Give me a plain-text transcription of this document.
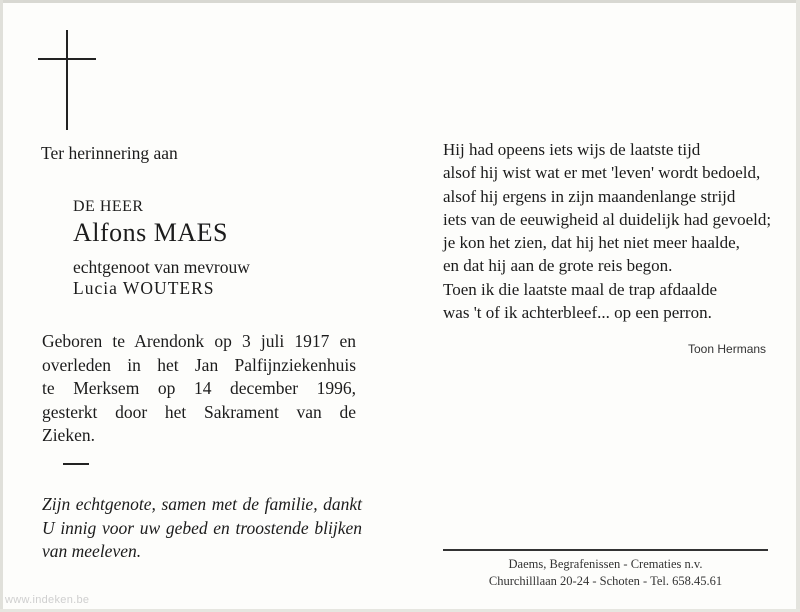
Ter herinnering aan
DE HEER
Alfons MAES
echtgenoot van mevrouw
Lucia WOUTERS
Geboren te Arendonk op 3 juli 1917 en
overleden in het Jan Palfijnziekenhuis
te Merksem op 14 december 1996,
gesterkt door het Sakrament van de
Zieken.
Zijn echtgenote, samen met de familie, dankt
U innig voor uw gebed en troostende blijken
van meeleven.
Hij had opeens iets wijs de laatste tijd
alsof hij wist wat er met 'leven' wordt bedoeld,
alsof hij ergens in zijn maandenlange strijd
iets van de eeuwigheid al duidelijk had gevoeld;
je kon het zien, dat hij het niet meer haalde,
en dat hij aan de grote reis begon.
Toen ik die laatste maal de trap afdaalde
was 't of ik achterbleef... op een perron.
Toon Hermans
Daems, Begrafenissen - Crematies n.v.
Churchilllaan 20-24 - Schoten - Tel. 658.45.61
www.indeken.be
